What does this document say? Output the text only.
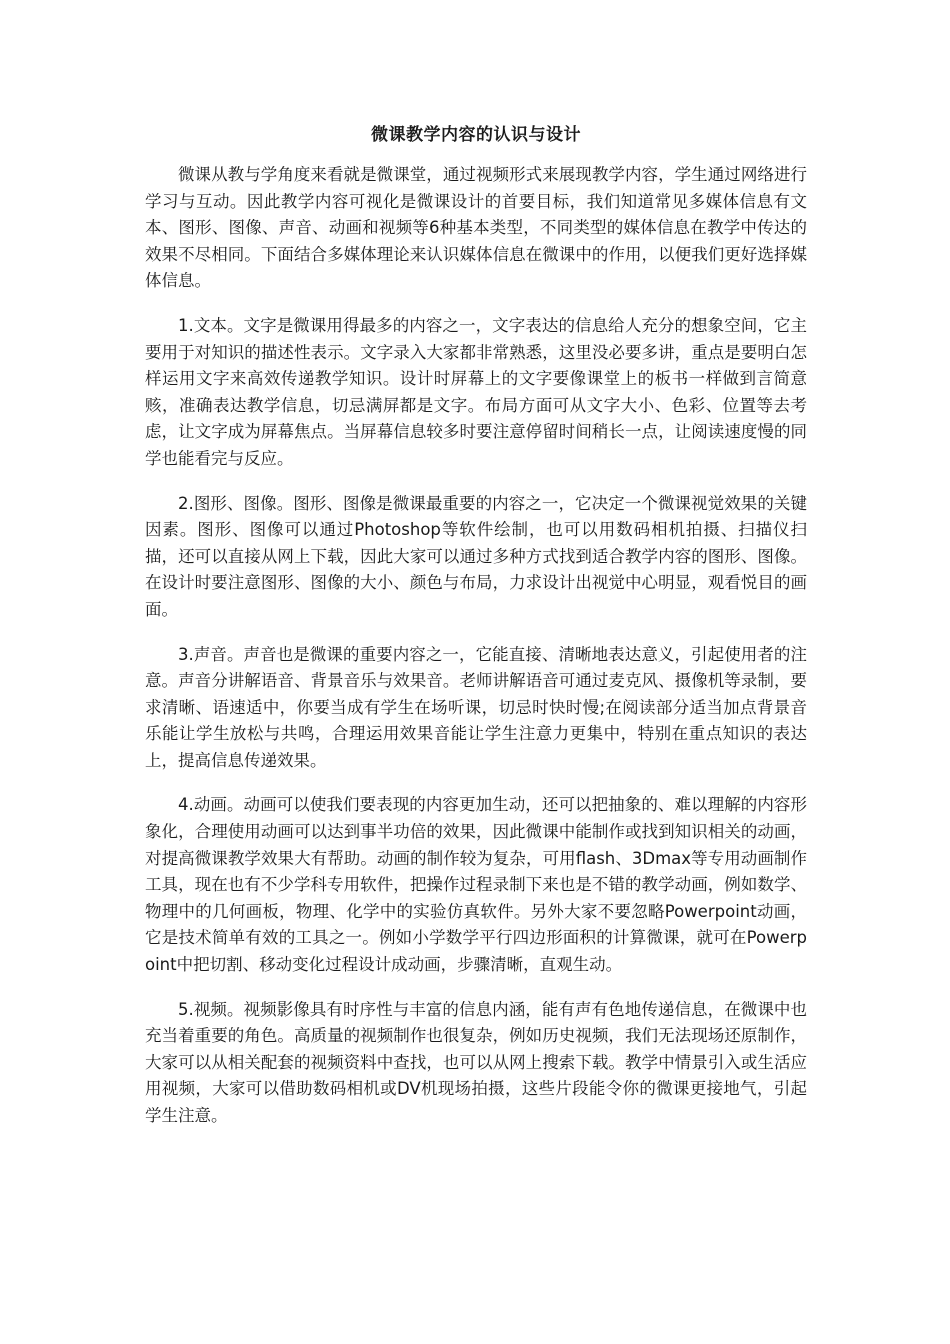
微课教学内容的认识与设计

微课从教与学角度来看就是微课堂，通过视频形式来展现教学内容，学生通过网络进行学习与互动。因此教学内容可视化是微课设计的首要目标，我们知道常见多媒体信息有文本、图形、图像、声音、动画和视频等6种基本类型，不同类型的媒体信息在教学中传达的效果不尽相同。下面结合多媒体理论来认识媒体信息在微课中的作用，以便我们更好选择媒体信息。

1.文本。文字是微课用得最多的内容之一，文字表达的信息给人充分的想象空间，它主要用于对知识的描述性表示。文字录入大家都非常熟悉，这里没必要多讲，重点是要明白怎样运用文字来高效传递教学知识。设计时屏幕上的文字要像课堂上的板书一样做到言简意赅，准确表达教学信息，切忌满屏都是文字。布局方面可从文字大小、色彩、位置等去考虑，让文字成为屏幕焦点。当屏幕信息较多时要注意停留时间稍长一点，让阅读速度慢的同学也能看完与反应。

2.图形、图像。图形、图像是微课最重要的内容之一，它决定一个微课视觉效果的关键因素。图形、图像可以通过Photoshop等软件绘制，也可以用数码相机拍摄、扫描仪扫描，还可以直接从网上下载，因此大家可以通过多种方式找到适合教学内容的图形、图像。在设计时要注意图形、图像的大小、颜色与布局，力求设计出视觉中心明显，观看悦目的画面。

3.声音。声音也是微课的重要内容之一，它能直接、清晰地表达意义，引起使用者的注意。声音分讲解语音、背景音乐与效果音。老师讲解语音可通过麦克风、摄像机等录制，要求清晰、语速适中，你要当成有学生在场听课，切忌时快时慢;在阅读部分适当加点背景音乐能让学生放松与共鸣，合理运用效果音能让学生注意力更集中，特别在重点知识的表达上，提高信息传递效果。

4.动画。动画可以使我们要表现的内容更加生动，还可以把抽象的、难以理解的内容形象化，合理使用动画可以达到事半功倍的效果，因此微课中能制作或找到知识相关的动画，对提高微课教学效果大有帮助。动画的制作较为复杂，可用flash、3Dmax等专用动画制作工具，现在也有不少学科专用软件，把操作过程录制下来也是不错的教学动画，例如数学、物理中的几何画板，物理、化学中的实验仿真软件。另外大家不要忽略Powerpoint动画，它是技术简单有效的工具之一。例如小学数学平行四边形面积的计算微课，就可在Powerpoint中把切割、移动变化过程设计成动画，步骤清晰，直观生动。

5.视频。视频影像具有时序性与丰富的信息内涵，能有声有色地传递信息，在微课中也充当着重要的角色。高质量的视频制作也很复杂，例如历史视频，我们无法现场还原制作，大家可以从相关配套的视频资料中查找，也可以从网上搜索下载。教学中情景引入或生活应用视频，大家可以借助数码相机或DV机现场拍摄，这些片段能令你的微课更接地气，引起学生注意。
